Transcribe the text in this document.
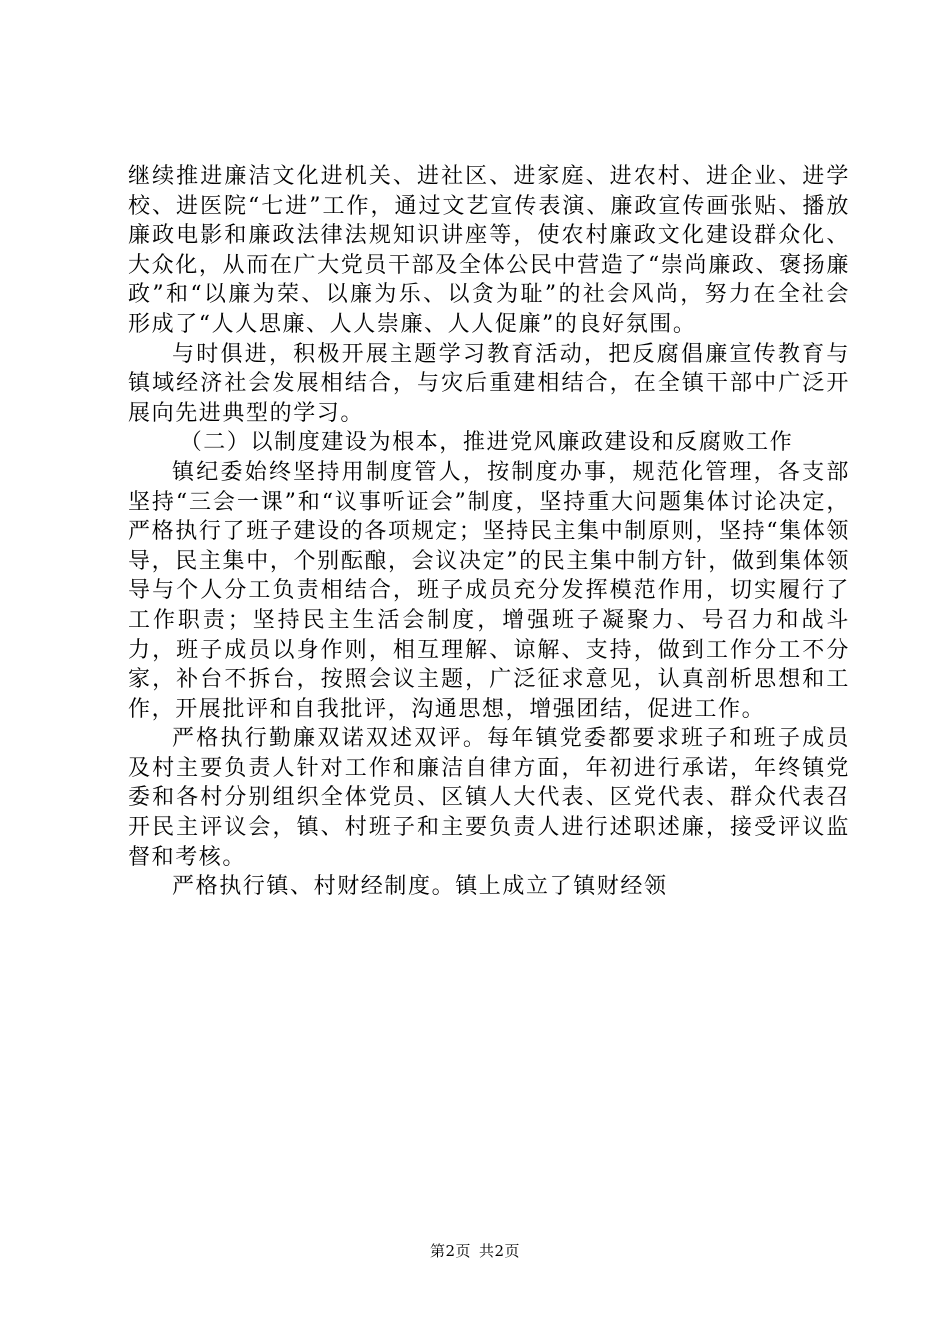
继续推进廉洁文化进机关、进社区、进家庭、进农村、进企业、进学校、进医院“七进”工作，通过文艺宣传表演、廉政宣传画张贴、播放廉政电影和廉政法律法规知识讲座等，使农村廉政文化建设群众化、大众化，从而在广大党员干部及全体公民中营造了“崇尚廉政、褒扬廉政”和“以廉为荣、以廉为乐、以贪为耻”的社会风尚，努力在全社会形成了“人人思廉、人人崇廉、人人促廉”的良好氛围。

与时俱进，积极开展主题学习教育活动，把反腐倡廉宣传教育与镇域经济社会发展相结合，与灾后重建相结合，在全镇干部中广泛开展向先进典型的学习。

（二）以制度建设为根本，推进党风廉政建设和反腐败工作

镇纪委始终坚持用制度管人，按制度办事，规范化管理，各支部坚持“三会一课”和“议事听证会”制度，坚持重大问题集体讨论决定，严格执行了班子建设的各项规定；坚持民主集中制原则，坚持“集体领导，民主集中，个别酝酿，会议决定”的民主集中制方针，做到集体领导与个人分工负责相结合，班子成员充分发挥模范作用，切实履行了工作职责；坚持民主生活会制度，增强班子凝聚力、号召力和战斗力，班子成员以身作则，相互理解、谅解、支持，做到工作分工不分家，补台不拆台，按照会议主题，广泛征求意见，认真剖析思想和工作，开展批评和自我批评，沟通思想，增强团结，促进工作。

严格执行勤廉双诺双述双评。每年镇党委都要求班子和班子成员及村主要负责人针对工作和廉洁自律方面，年初进行承诺，年终镇党委和各村分别组织全体党员、区镇人大代表、区党代表、群众代表召开民主评议会，镇、村班子和主要负责人进行述职述廉，接受评议监督和考核。

严格执行镇、村财经制度。镇上成立了镇财经领

第2页 共2页
